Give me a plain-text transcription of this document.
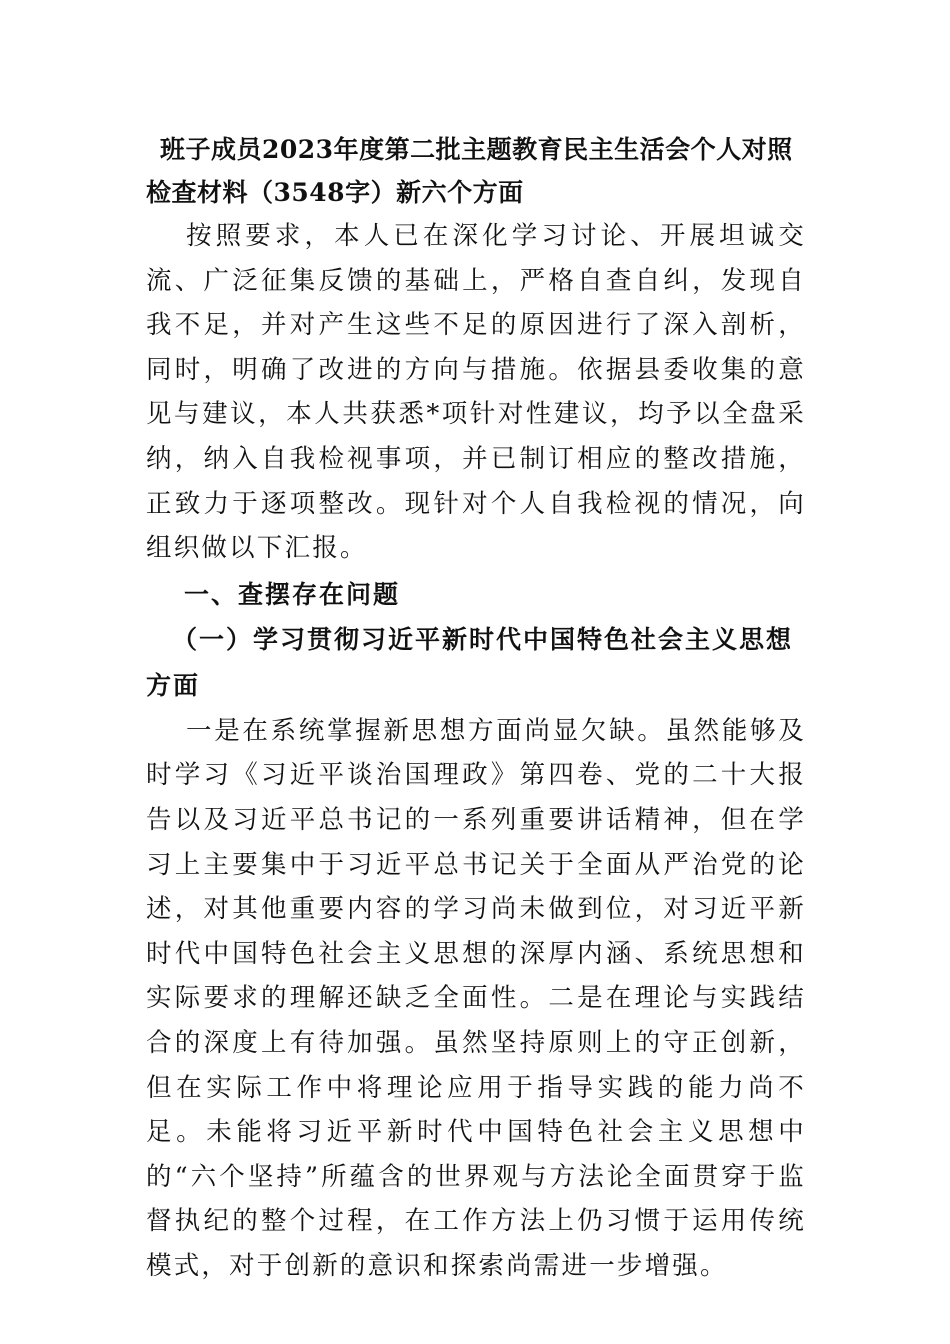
班子成员2023年度第二批主题教育民主生活会个人对照检查材料（3548字）新六个方面

按照要求，本人已在深化学习讨论、开展坦诚交流、广泛征集反馈的基础上，严格自查自纠，发现自我不足，并对产生这些不足的原因进行了深入剖析，同时，明确了改进的方向与措施。依据县委收集的意见与建议，本人共获悉*项针对性建议，均予以全盘采纳，纳入自我检视事项，并已制订相应的整改措施，正致力于逐项整改。现针对个人自我检视的情况，向组织做以下汇报。

一、查摆存在问题
（一）学习贯彻习近平新时代中国特色社会主义思想方面

一是在系统掌握新思想方面尚显欠缺。虽然能够及时学习《习近平谈治国理政》第四卷、党的二十大报告以及习近平总书记的一系列重要讲话精神，但在学习上主要集中于习近平总书记关于全面从严治党的论述，对其他重要内容的学习尚未做到位，对习近平新时代中国特色社会主义思想的深厚内涵、系统思想和实际要求的理解还缺乏全面性。二是在理论与实践结合的深度上有待加强。虽然坚持原则上的守正创新，但在实际工作中将理论应用于指导实践的能力尚不足。未能将习近平新时代中国特色社会主义思想中的“六个坚持”所蕴含的世界观与方法论全面贯穿于监督执纪的整个过程，在工作方法上仍习惯于运用传统模式，对于创新的意识和探索尚需进一步增强。
